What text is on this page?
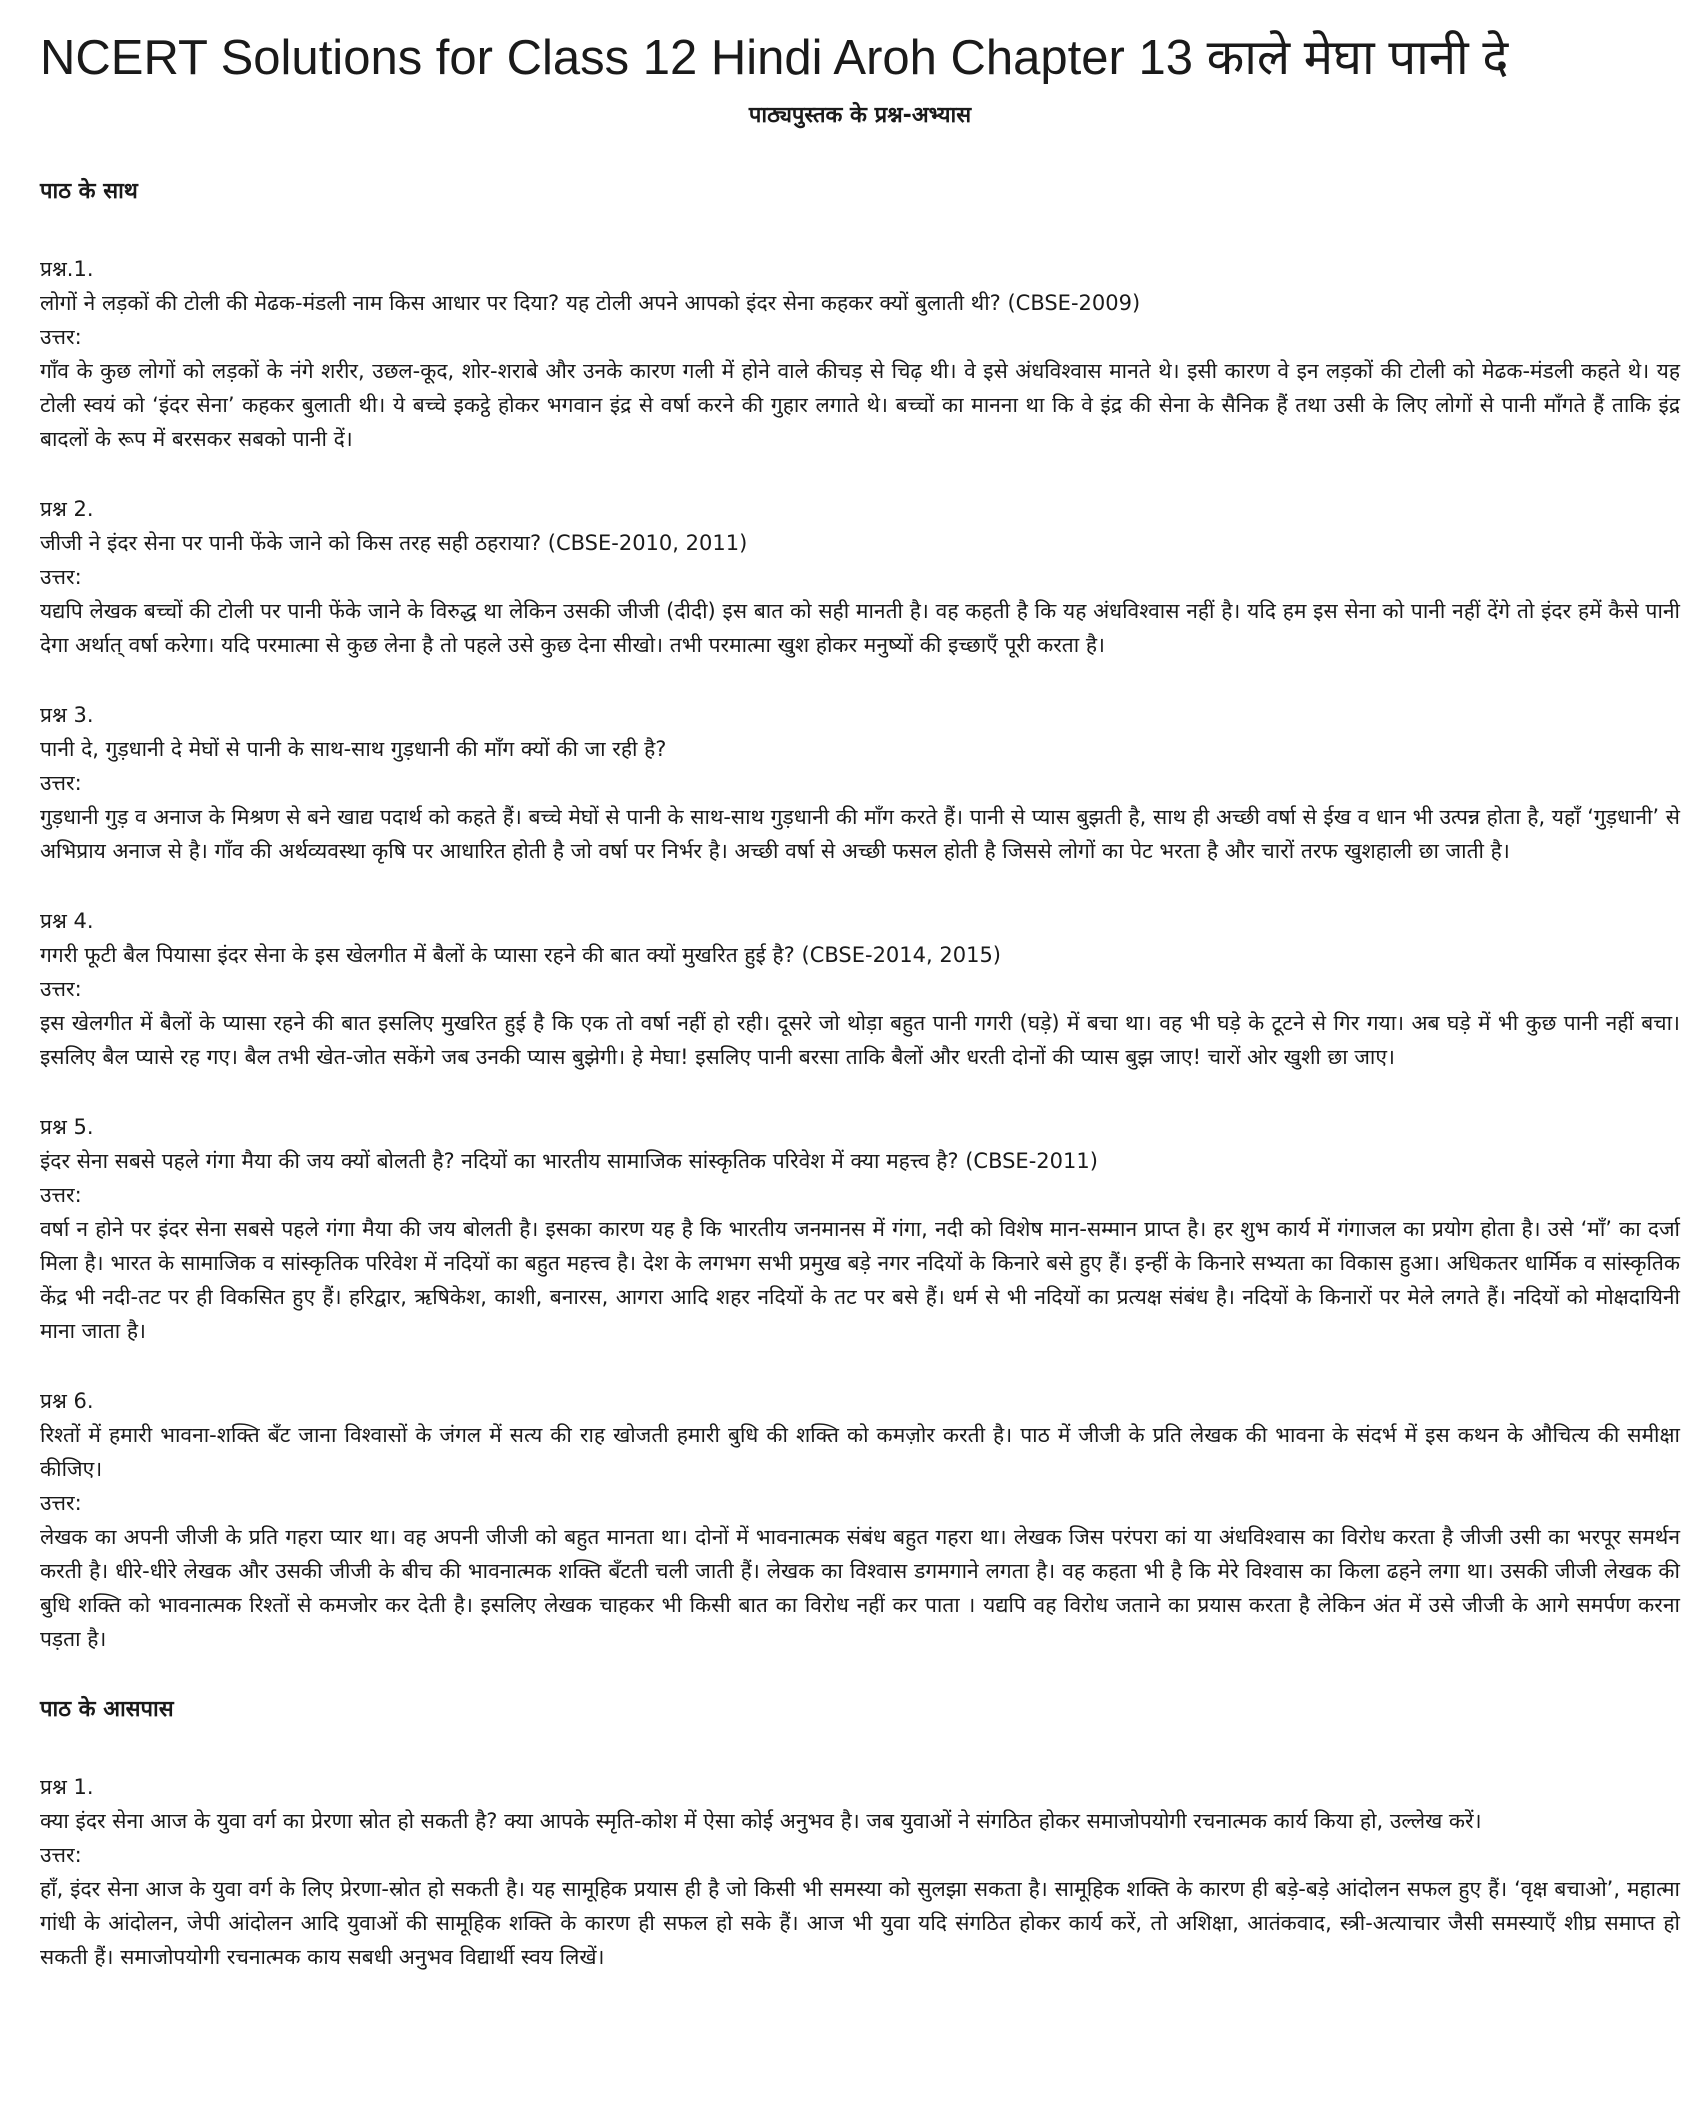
NCERT Solutions for Class 12 Hindi Aroh Chapter 13 काले मेघा पानी दे
पाठ्यपुस्तक के प्रश्न-अभ्यास
पाठ के साथ

प्रश्न.1.

लोगों ने लड़कों की टोली की मेढक-मंडली नाम किस आधार पर दिया? यह टोली अपने आपको इंदर सेना कहकर क्यों बुलाती थी? (CBSE-2009)

उत्तर:

गाँव के कुछ लोगों को लड़कों के नंगे शरीर, उछल-कूद, शोर-शराबे और उनके कारण गली में होने वाले कीचड़ से चिढ़ थी। वे इसे अंधविश्वास मानते थे। इसी कारण वे इन लड़कों की टोली को मेढक-मंडली कहते थे। यह टोली स्वयं को ‘इंदर सेना’ कहकर बुलाती थी। ये बच्चे इकट्ठे होकर भगवान इंद्र से वर्षा करने की गुहार लगाते थे। बच्चों का मानना था कि वे इंद्र की सेना के सैनिक हैं तथा उसी के लिए लोगों से पानी माँगते हैं ताकि इंद्र बादलों के रूप में बरसकर सबको पानी दें।

प्रश्न 2.

जीजी ने इंदर सेना पर पानी फेंके जाने को किस तरह सही ठहराया? (CBSE-2010, 2011)

उत्तर:

यद्यपि लेखक बच्चों की टोली पर पानी फेंके जाने के विरुद्ध था लेकिन उसकी जीजी (दीदी) इस बात को सही मानती है। वह कहती है कि यह अंधविश्वास नहीं है। यदि हम इस सेना को पानी नहीं देंगे तो इंदर हमें कैसे पानी देगा अर्थात् वर्षा करेगा। यदि परमात्मा से कुछ लेना है तो पहले उसे कुछ देना सीखो। तभी परमात्मा खुश होकर मनुष्यों की इच्छाएँ पूरी करता है।

प्रश्न 3.

पानी दे, गुड़धानी दे मेघों से पानी के साथ-साथ गुड़धानी की माँग क्यों की जा रही है?

उत्तर:

गुड़धानी गुड़ व अनाज के मिश्रण से बने खाद्य पदार्थ को कहते हैं। बच्चे मेघों से पानी के साथ-साथ गुड़धानी की माँग करते हैं। पानी से प्यास बुझती है, साथ ही अच्छी वर्षा से ईख व धान भी उत्पन्न होता है, यहाँ ‘गुड़धानी’ से अभिप्राय अनाज से है। गाँव की अर्थव्यवस्था कृषि पर आधारित होती है जो वर्षा पर निर्भर है। अच्छी वर्षा से अच्छी फसल होती है जिससे लोगों का पेट भरता है और चारों तरफ खुशहाली छा जाती है।

प्रश्न 4.

गगरी फूटी बैल पियासा इंदर सेना के इस खेलगीत में बैलों के प्यासा रहने की बात क्यों मुखरित हुई है? (CBSE-2014, 2015)

उत्तर:

इस खेलगीत में बैलों के प्यासा रहने की बात इसलिए मुखरित हुई है कि एक तो वर्षा नहीं हो रही। दूसरे जो थोड़ा बहुत पानी गगरी (घड़े) में बचा था। वह भी घड़े के टूटने से गिर गया। अब घड़े में भी कुछ पानी नहीं बचा। इसलिए बैल प्यासे रह गए। बैल तभी खेत-जोत सकेंगे जब उनकी प्यास बुझेगी। हे मेघा! इसलिए पानी बरसा ताकि बैलों और धरती दोनों की प्यास बुझ जाए! चारों ओर खुशी छा जाए।

प्रश्न 5.

इंदर सेना सबसे पहले गंगा मैया की जय क्यों बोलती है? नदियों का भारतीय सामाजिक सांस्कृतिक परिवेश में क्या महत्त्व है? (CBSE-2011)

उत्तर:

वर्षा न होने पर इंदर सेना सबसे पहले गंगा मैया की जय बोलती है। इसका कारण यह है कि भारतीय जनमानस में गंगा, नदी को विशेष मान-सम्मान प्राप्त है। हर शुभ कार्य में गंगाजल का प्रयोग होता है। उसे ‘माँ’ का दर्जा मिला है। भारत के सामाजिक व सांस्कृतिक परिवेश में नदियों का बहुत महत्त्व है। देश के लगभग सभी प्रमुख बड़े नगर नदियों के किनारे बसे हुए हैं। इन्हीं के किनारे सभ्यता का विकास हुआ। अधिकतर धार्मिक व सांस्कृतिक केंद्र भी नदी-तट पर ही विकसित हुए हैं। हरिद्वार, ऋषिकेश, काशी, बनारस, आगरा आदि शहर नदियों के तट पर बसे हैं। धर्म से भी नदियों का प्रत्यक्ष संबंध है। नदियों के किनारों पर मेले लगते हैं। नदियों को मोक्षदायिनी माना जाता है।

प्रश्न 6.

रिश्तों में हमारी भावना-शक्ति बँट जाना विश्वासों के जंगल में सत्य की राह खोजती हमारी बुधि की शक्ति को कमज़ोर करती है। पाठ में जीजी के प्रति लेखक की भावना के संदर्भ में इस कथन के औचित्य की समीक्षा कीजिए।

उत्तर:

लेखक का अपनी जीजी के प्रति गहरा प्यार था। वह अपनी जीजी को बहुत मानता था। दोनों में भावनात्मक संबंध बहुत गहरा था। लेखक जिस परंपरा कां या अंधविश्वास का विरोध करता है जीजी उसी का भरपूर समर्थन करती है। धीरे-धीरे लेखक और उसकी जीजी के बीच की भावनात्मक शक्ति बँटती चली जाती हैं। लेखक का विश्वास डगमगाने लगता है। वह कहता भी है कि मेरे विश्वास का किला ढहने लगा था। उसकी जीजी लेखक की बुधि शक्ति को भावनात्मक रिश्तों से कमजोर कर देती है। इसलिए लेखक चाहकर भी किसी बात का विरोध नहीं कर पाता । यद्यपि वह विरोध जताने का प्रयास करता है लेकिन अंत में उसे जीजी के आगे समर्पण करना पड़ता है।

पाठ के आसपास

प्रश्न 1.

क्या इंदर सेना आज के युवा वर्ग का प्रेरणा स्रोत हो सकती है? क्या आपके स्मृति-कोश में ऐसा कोई अनुभव है। जब युवाओं ने संगठित होकर समाजोपयोगी रचनात्मक कार्य किया हो, उल्लेख करें।

उत्तर:

हाँ, इंदर सेना आज के युवा वर्ग के लिए प्रेरणा-स्रोत हो सकती है। यह सामूहिक प्रयास ही है जो किसी भी समस्या को सुलझा सकता है। सामूहिक शक्ति के कारण ही बड़े-बड़े आंदोलन सफल हुए हैं। ‘वृक्ष बचाओ’, महात्मा गांधी के आंदोलन, जेपी आंदोलन आदि युवाओं की सामूहिक शक्ति के कारण ही सफल हो सके हैं। आज भी युवा यदि संगठित होकर कार्य करें, तो अशिक्षा, आतंकवाद, स्त्री-अत्याचार जैसी समस्याएँ शीघ्र समाप्त हो सकती हैं। समाजोपयोगी रचनात्मक काय सबधी अनुभव विद्यार्थी स्वय लिखें।
